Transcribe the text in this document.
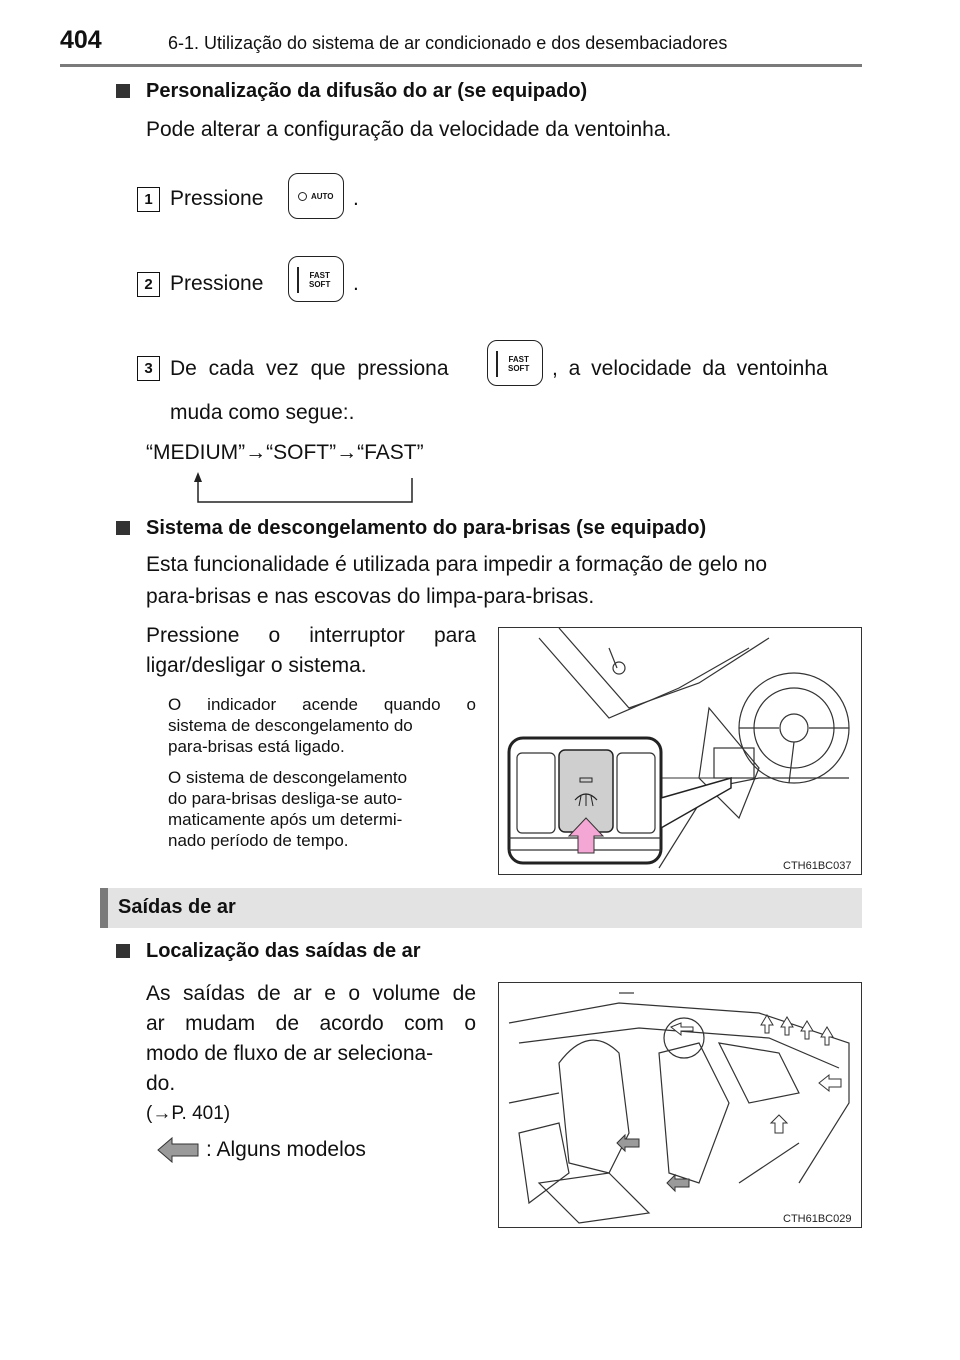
404	6-1. Utilização do sistema de ar condicionado e dos desembaciadores
Personalização da difusão do ar (se equipado)
Pode alterar a configuração da velocidade da ventoinha.
1 Pressione	AUTO .
2 Pressione	FAST
SOFT .
3 De cada vez que pressiona	FAST
SOFT , a velocidade da ventoinha
muda como segue:.
“MEDIUM”→“SOFT”→“FAST”
Sistema de descongelamento do para-brisas (se equipado)
Esta funcionalidade é utilizada para impedir a formação de gelo no
para-brisas e nas escovas do limpa-para-brisas.
Pressione o interruptor para
ligar/desligar o sistema.
O indicador acende quando o
sistema de descongelamento do
para-brisas está ligado.
O sistema de descongelamento
do para-brisas desliga-se auto-
maticamente após um determi-
nado período de tempo.
CTH61BC037
Saídas de ar
Localização das saídas de ar
As saídas de ar e o volume de
ar mudam de acordo com o
modo de fluxo de ar seleciona-
do.
(→P. 401)
: Alguns modelos
CTH61BC029
